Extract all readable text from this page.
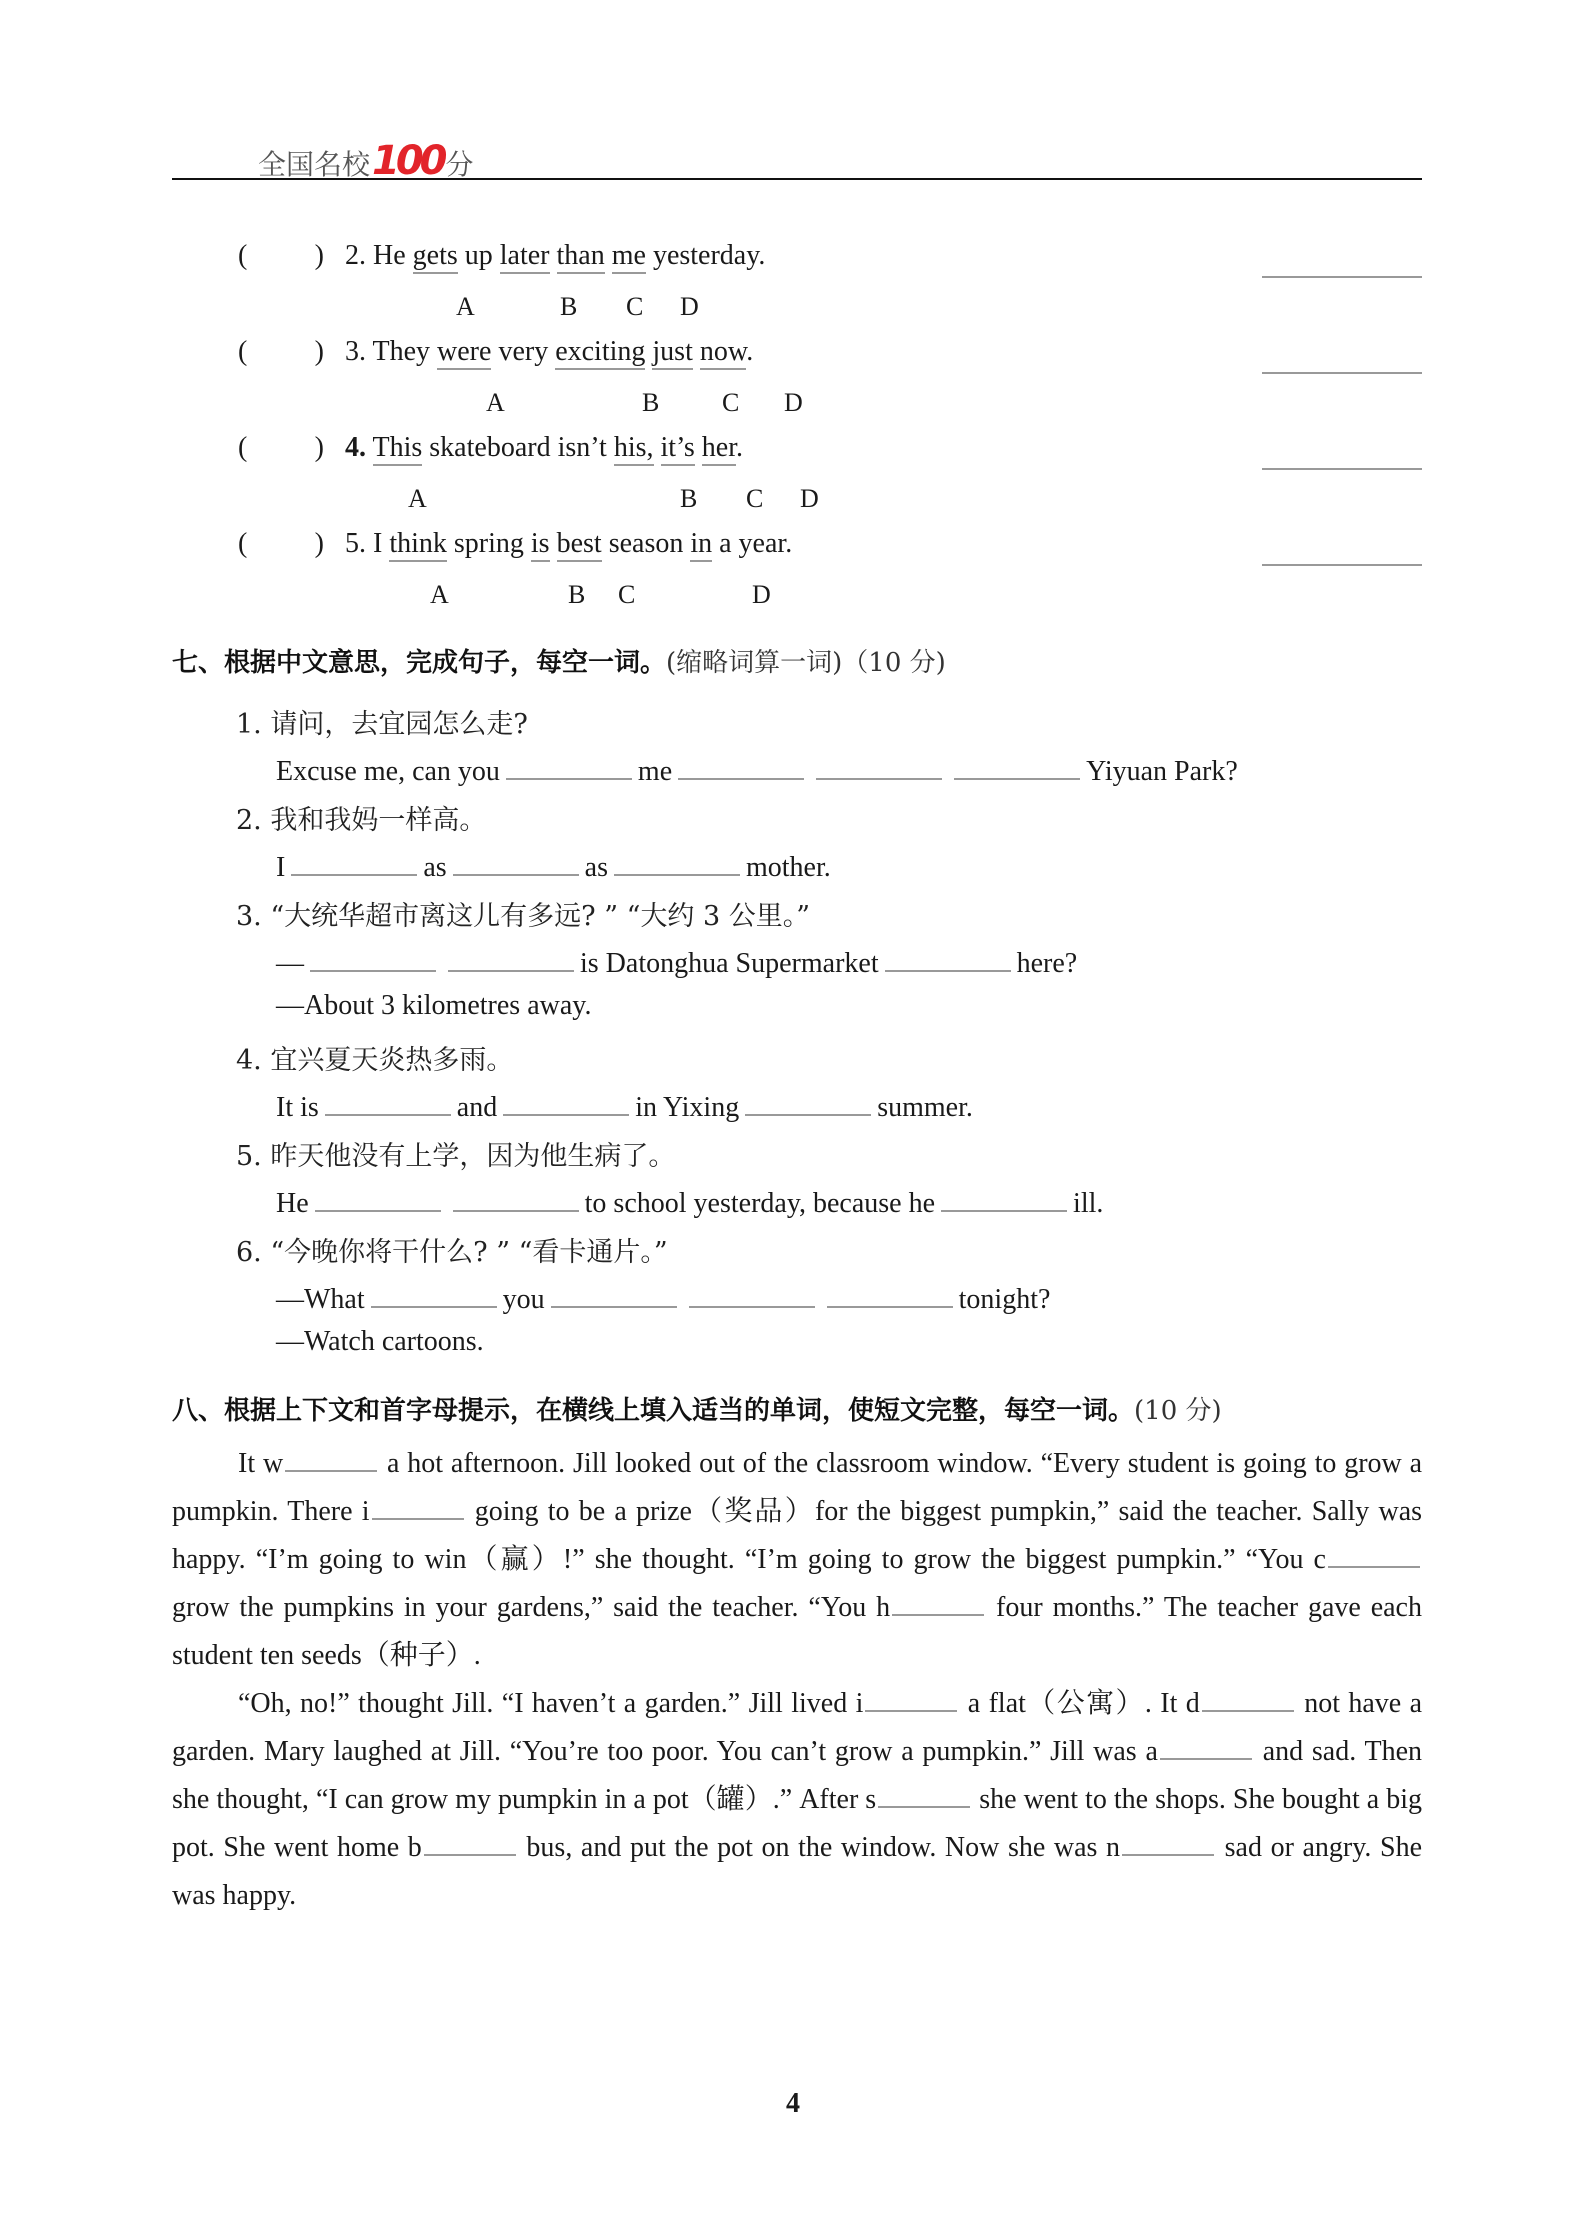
全国名校100分
( ) 2. He gets up later than me yesterday.
A	B C D
( ) 3. They were very exciting just now.
A	B C D
( ) 4. This skateboard isn’t his, it’s her.
A	B C D
( ) 5. I think spring is best season in a year.
A	B C	D
七、根据中文意思，完成句子，每空一词。(缩略词算一词)（10 分)
1. 请问，去宜园怎么走?
Excuse me, can you	me	Yiyuan Park?
2. 我和我妈一样高。
I	as	as	mother.
3. “大统华超市离这儿有多远? ” “大约 3 公里。”
—	is Datonghua Supermarket	here?
—About 3 kilometres away.
4. 宜兴夏天炎热多雨。
It is	and	in Yixing	summer.
5. 昨天他没有上学，因为他生病了。
He	to school yesterday, because he	ill.
6. “今晚你将干什么? ” “看卡通片。”
—What	you	tonight?
—Watch cartoons.
八、根据上下文和首字母提示，在横线上填入适当的单词，使短文完整，每空一词。(10 分)
It w	a hot afternoon. Jill looked out of the classroom window. “Every student is going to grow a pumpkin. There i	going to be a prize（奖品）for the biggest pumpkin,” said the teacher. Sally was happy. “I’m going to win（赢）!” she thought. “I’m going to grow the biggest pumpkin.” “You c grow the pumpkins in your gardens,” said the teacher. “You h	four months.” The teacher gave each student ten seeds（种子）.
“Oh, no!” thought Jill. “I haven’t a garden.” Jill lived i	a flat（公寓）. It d	not have a garden. Mary laughed at Jill. “You’re too poor. You can’t grow a pumpkin.” Jill was a	and sad. Then she thought, “I can grow my pumpkin in a pot（罐）.” After s	she went to the shops. She bought a big pot. She went home b	bus, and put the pot on the window. Now she was n	sad or angry. She was happy.
4
